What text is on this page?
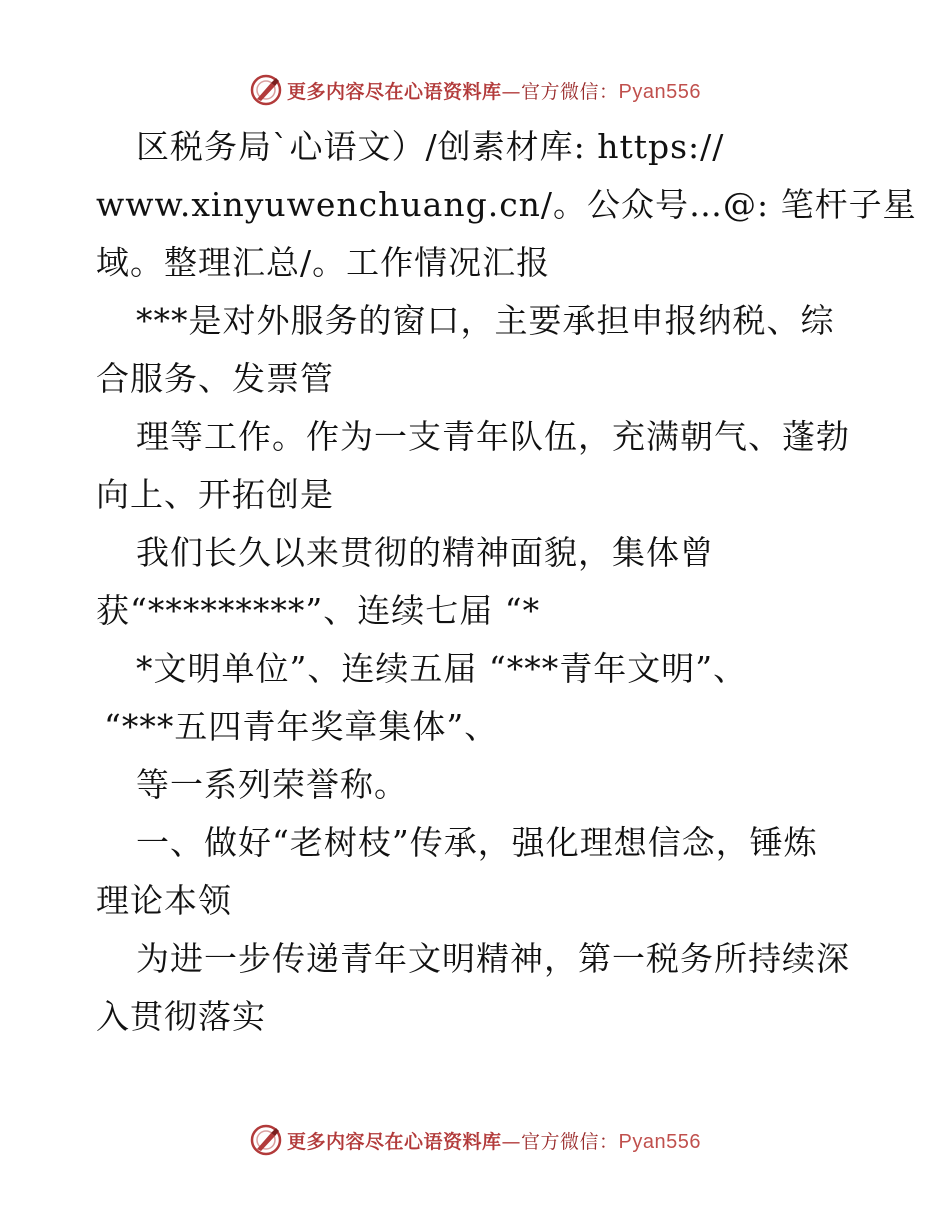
更多内容尽在心语资料库—官方微信：Pyan556
区税务局`心语文）/创素材库: https://
www.xinyuwenchuang.cn/。公众号…@: 笔杆子星
域。整理汇总/。工作情况汇报
***是对外服务的窗口，主要承担申报纳税、综
合服务、发票管
理等工作。作为一支青年队伍，充满朝气、蓬勃
向上、开拓创是
我们长久以来贯彻的精神面貌，集体曾
获“*********”、连续七届 “*
*文明单位”、连续五届 “***青年文明”、
“***五四青年奖章集体”、
等一系列荣誉称。
一、做好“老树枝”传承，强化理想信念，锤炼
理论本领
为进一步传递青年文明精神，第一税务所持续深
入贯彻落实
更多内容尽在心语资料库—官方微信：Pyan556
